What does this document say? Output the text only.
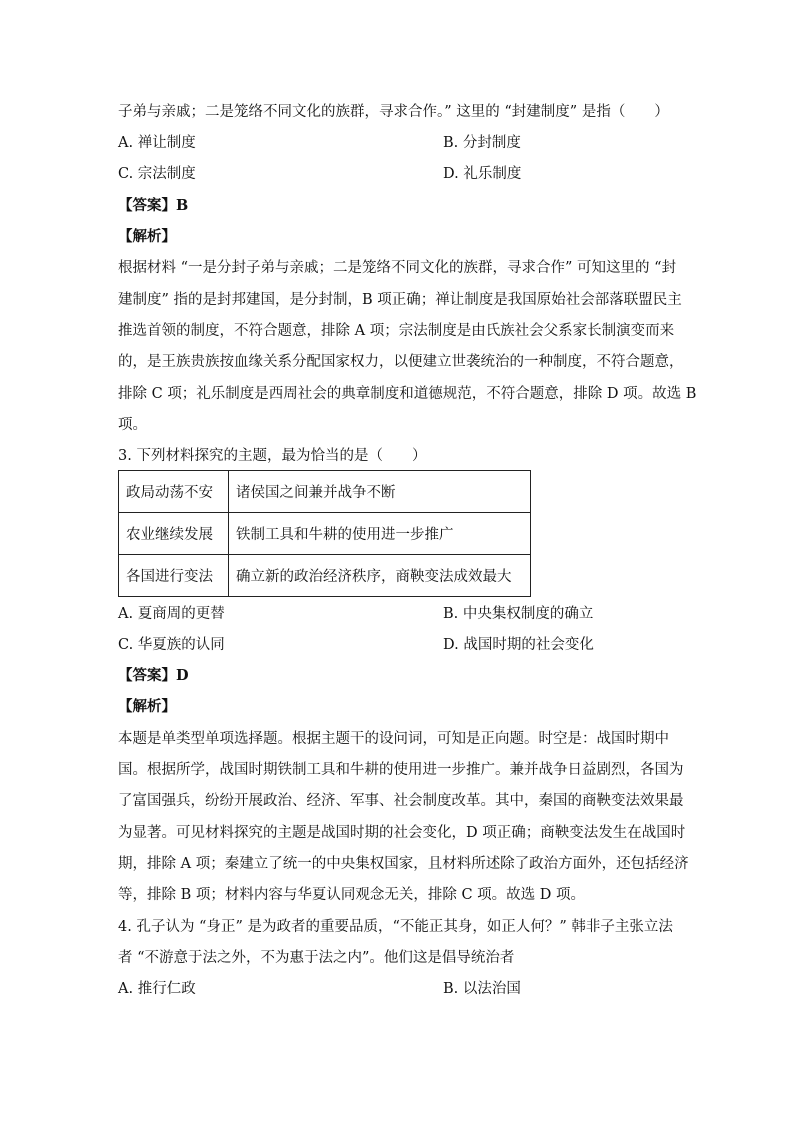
子弟与亲戚；二是笼络不同文化的族群，寻求合作。” 这里的 “封建制度” 是指（　　）
A. 禅让制度	B. 分封制度
C. 宗法制度	D. 礼乐制度
【答案】B
【解析】
根据材料 “一是分封子弟与亲戚；二是笼络不同文化的族群，寻求合作” 可知这里的 “封
建制度” 指的是封邦建国，是分封制，B 项正确；禅让制度是我国原始社会部落联盟民主
推选首领的制度，不符合题意，排除 A 项；宗法制度是由氏族社会父系家长制演变而来
的，是王族贵族按血缘关系分配国家权力，以便建立世袭统治的一种制度，不符合题意，
排除 C 项；礼乐制度是西周社会的典章制度和道德规范，不符合题意，排除 D 项。故选 B
项。
3. 下列材料探究的主题，最为恰当的是（　　）
政局动荡不安	诸侯国之间兼并战争不断
农业继续发展	铁制工具和牛耕的使用进一步推广
各国进行变法	确立新的政治经济秩序，商鞅变法成效最大
A. 夏商周的更替	B. 中央集权制度的确立
C. 华夏族的认同	D. 战国时期的社会变化
【答案】D
【解析】
本题是单类型单项选择题。根据主题干的设问词，可知是正向题。时空是：战国时期中
国。根据所学，战国时期铁制工具和牛耕的使用进一步推广。兼并战争日益剧烈，各国为
了富国强兵，纷纷开展政治、经济、军事、社会制度改革。其中，秦国的商鞅变法效果最
为显著。可见材料探究的主题是战国时期的社会变化，D 项正确；商鞅变法发生在战国时
期，排除 A 项；秦建立了统一的中央集权国家，且材料所述除了政治方面外，还包括经济
等，排除 B 项；材料内容与华夏认同观念无关，排除 C 项。故选 D 项。
4. 孔子认为 “身正” 是为政者的重要品质，“不能正其身，如正人何？” 韩非子主张立法
者 “不游意于法之外，不为惠于法之内”。他们这是倡导统治者
A. 推行仁政	B. 以法治国
